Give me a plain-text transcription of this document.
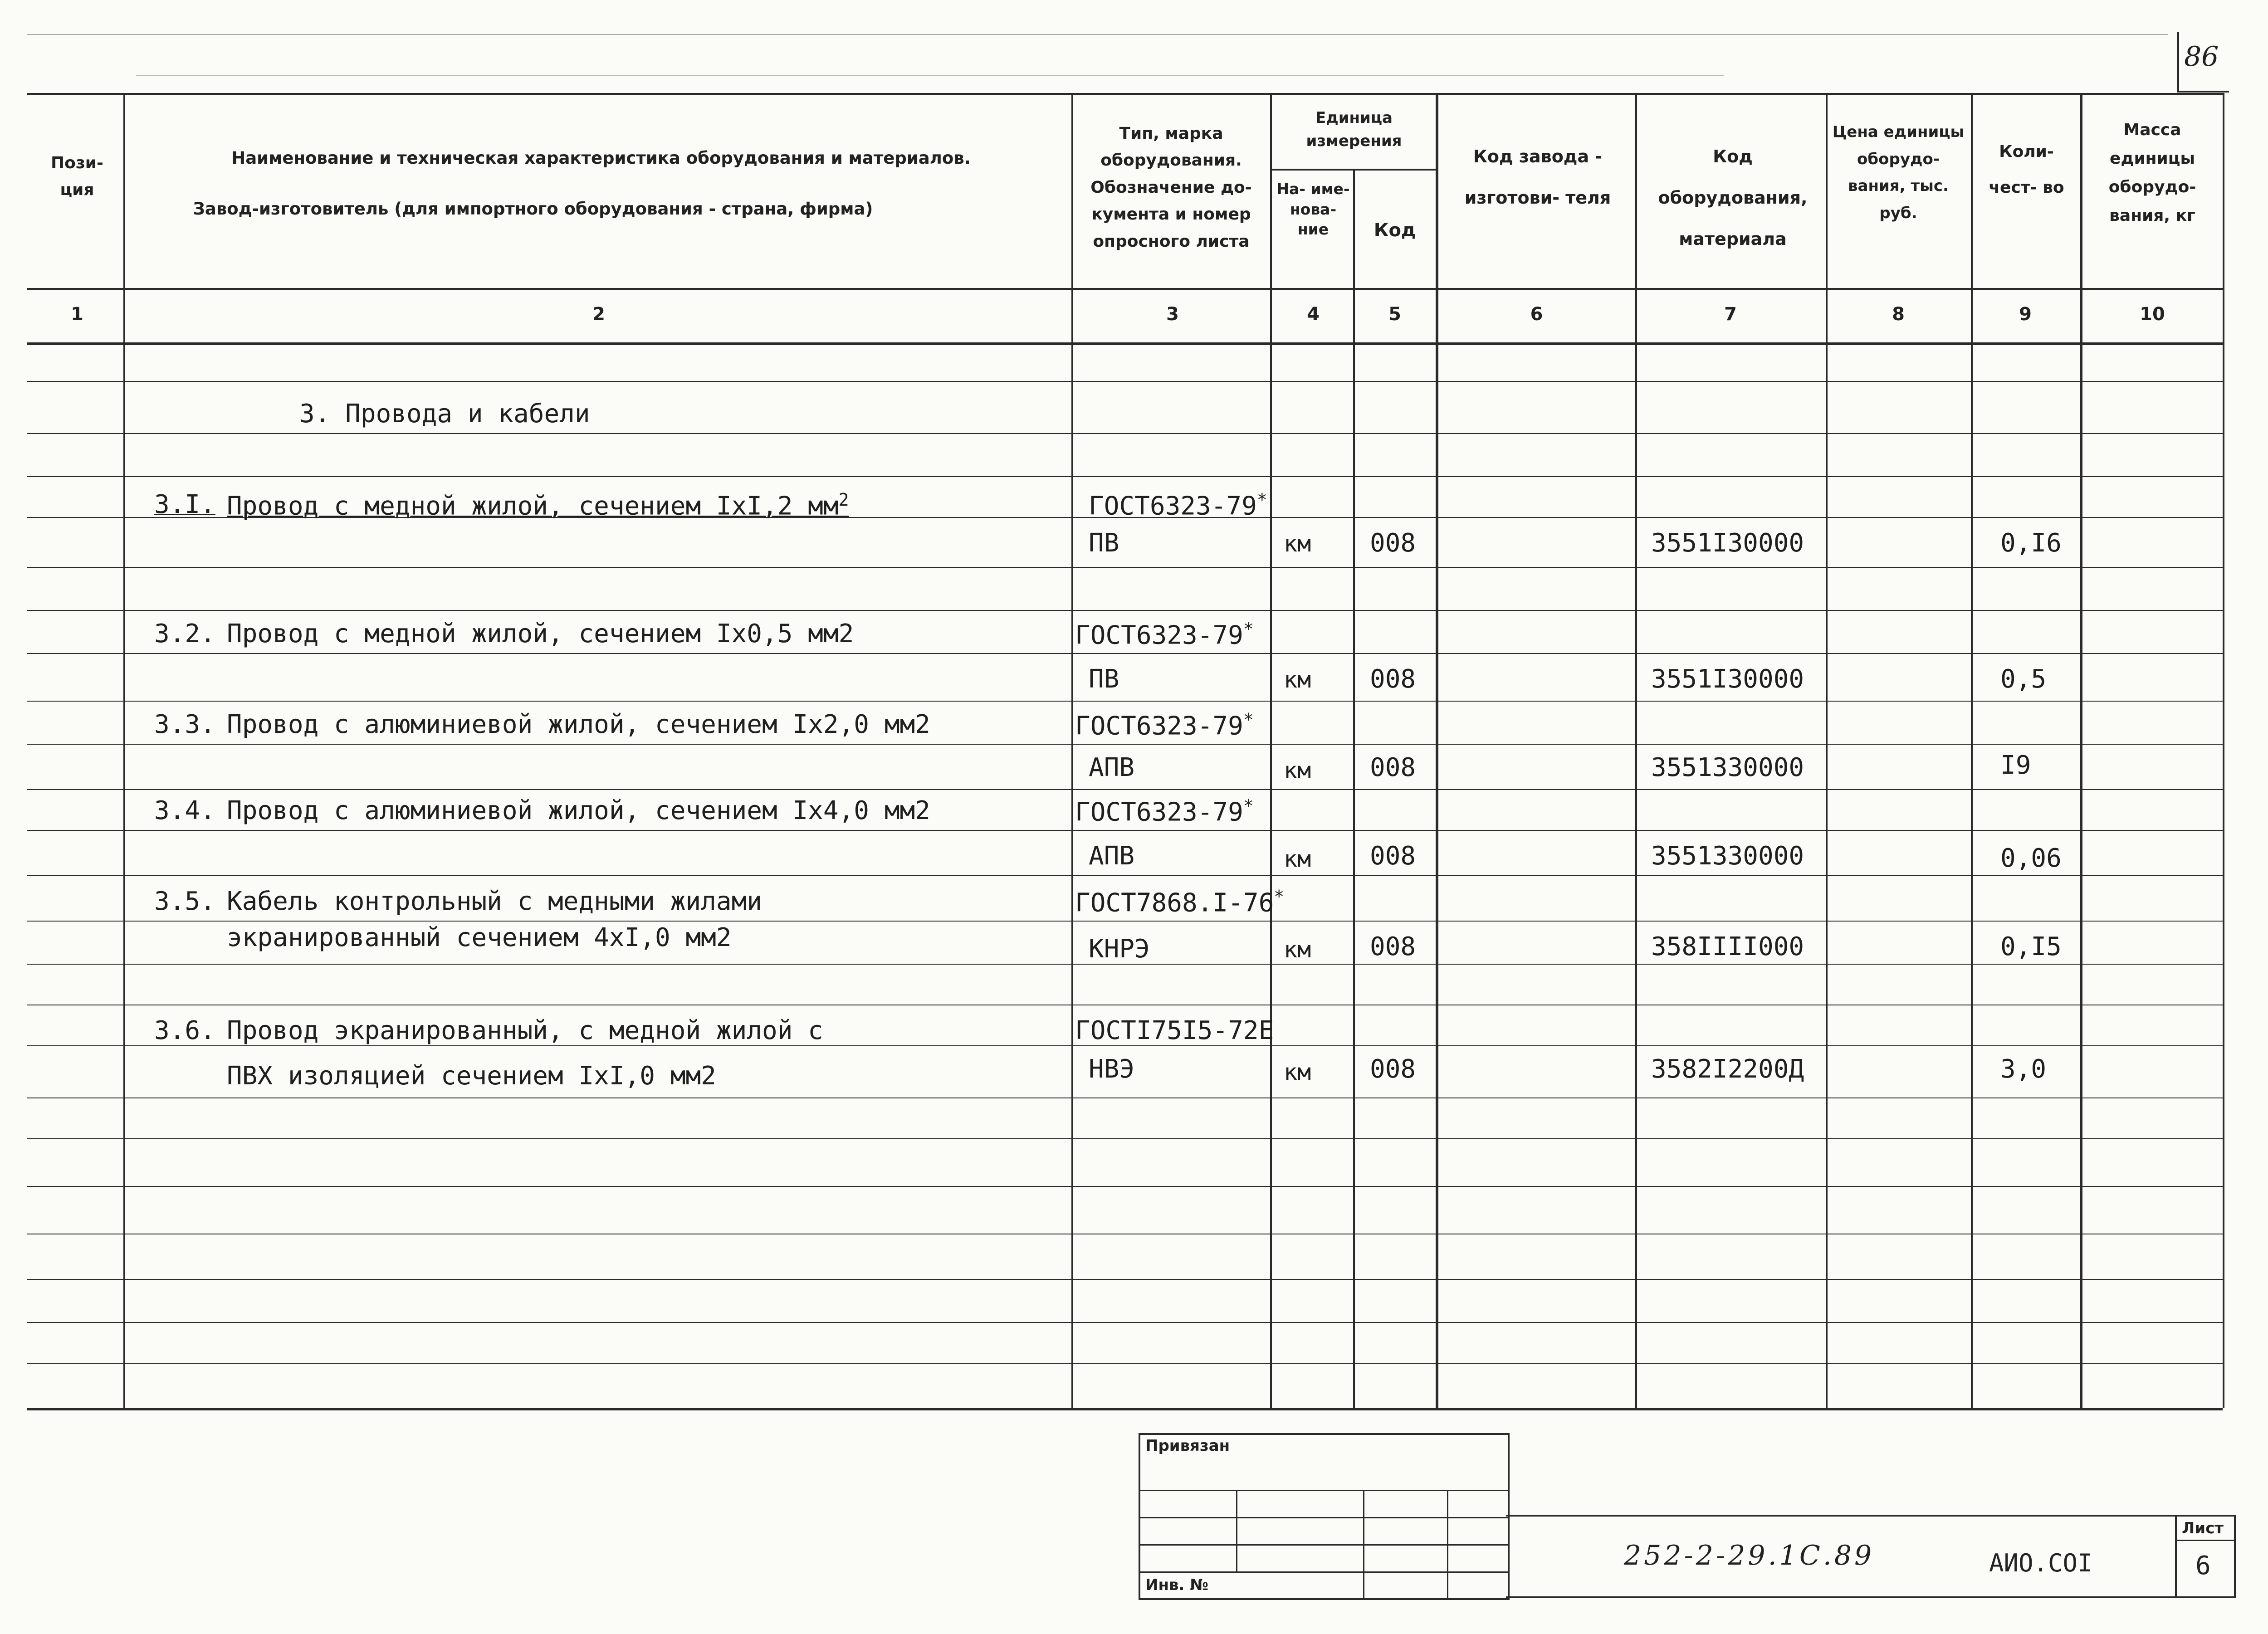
86
Пози- ция
Наименование и техническая характеристика оборудования и материалов.
Завод-изготовитель (для импортного оборудования - страна, фирма)
Тип, марка оборудования. Обозначение до- кумента и номер опросного листа
Единица измерения
На- име- нова- ние	Код
Код завода - изготови- теля
Код оборудования, материала
Цена единицы оборудо- вания, тыс. руб.
Коли- чест- во
Масса единицы оборудо- вания, кг
1	2	3	4	5	6	7	8	9	10
3. Провода и кабели
3.I. Провод с медной жилой, сечением IxI,2 $мм^2$	ГОСТ6323-79*
ПВ	км 008	3551I30000	0,I6
3.2. Провод с медной жилой, сечением Ix0,5 мм2	ГОСТ6323-79*
ПВ	км 008	3551I30000	0,5
3.3. Провод с алюминиевой жилой, сечением Ix2,0 мм2	ГОСТ6323-79*
АПВ	км 008	3551330000	I9
3.4. Провод с алюминиевой жилой, сечением Ix4,0 мм2	ГОСТ6323-79*
АПВ	км 008	3551330000	0,06
3.5. Кабель контрольный с медными жилами
экранированный сечением 4xI,0 мм2
ГОСТ7868.I-76*
КНРЭ	км 008	358IIII000	0,I5
3.6. Провод экранированный, с медной жилой с
ПВХ изоляцией сечением IxI,0 мм2
ГОСТI75I5-72Е
НВЭ	км 008	3582I2200Д	3,0
Привязан
Инв. №
252-2-29.1С.89	АИО.СОI
Лист
6
